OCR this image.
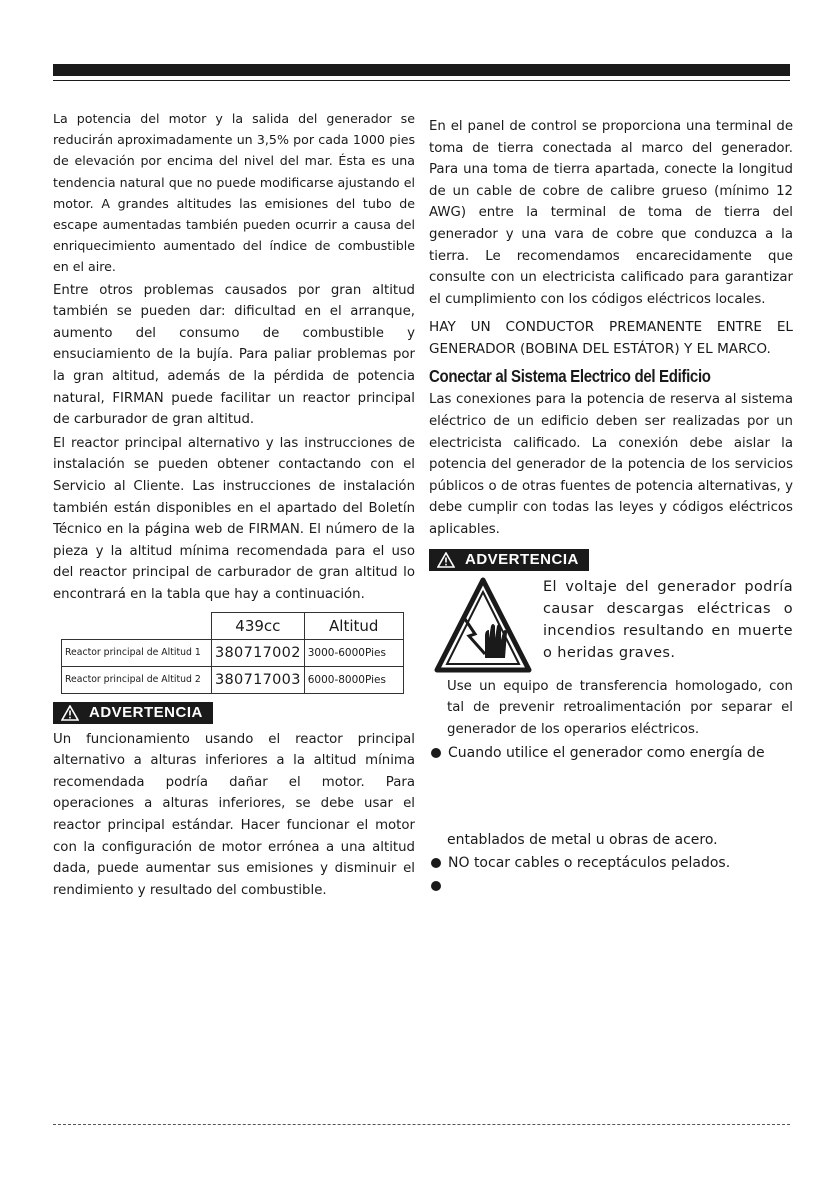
La potencia del motor y la salida del generador se reducirán aproximadamente un 3,5% por cada 1000 pies de elevación por encima del nivel del mar. Ésta es una tendencia natural que no puede modificarse ajustando el motor. A grandes altitudes las emisiones del tubo de escape aumentadas también pueden ocurrir a causa del enriquecimiento aumentado del índice de combustible en el aire.

Entre otros problemas causados por gran altitud también se pueden dar: dificultad en el arranque, aumento del consumo de combustible y ensuciamiento de la bujía. Para paliar problemas por la gran altitud, además de la pérdida de potencia natural, FIRMAN puede facilitar un reactor principal de carburador de gran altitud.

El reactor principal alternativo y las instrucciones de instalación se pueden obtener contactando con el Servicio al Cliente. Las instrucciones de instalación también están disponibles en el apartado del Boletín Técnico en la página web de FIRMAN. El número de la pieza y la altitud mínima recomendada para el uso del reactor principal de carburador de gran altitud lo encontrará en la tabla que hay a continuación.

	439cc	Altitud
Reactor principal de Altitud 1	380717002	3000-6000Pies
Reactor principal de Altitud 2	380717003	6000-8000Pies
ADVERTENCIA

Un funcionamiento usando el reactor principal alternativo a alturas inferiores a la altitud mínima recomendada podría dañar el motor. Para operaciones a alturas inferiores, se debe usar el reactor principal estándar. Hacer funcionar el motor con la configuración de motor errónea a una altitud dada, puede aumentar sus emisiones y disminuir el rendimiento y resultado del combustible.

En el panel de control se proporciona una terminal de toma de tierra conectada al marco del generador. Para una toma de tierra apartada, conecte la longitud de un cable de cobre de calibre grueso (mínimo 12 AWG) entre la terminal de toma de tierra del generador y una vara de cobre que conduzca a la tierra. Le recomendamos encarecidamente que consulte con un electricista calificado para garantizar el cumplimiento con los códigos eléctricos locales.

HAY UN CONDUCTOR PREMANENTE ENTRE EL GENERADOR (BOBINA DEL ESTÁTOR) Y EL MARCO.

Conectar al Sistema Electrico del Edificio

Las conexiones para la potencia de reserva al sistema eléctrico de un edificio deben ser realizadas por un electricista calificado. La conexión debe aislar la potencia del generador de la potencia de los servicios públicos o de otras fuentes de potencia alternativas, y debe cumplir con todas las leyes y códigos eléctricos aplicables.

ADVERTENCIA
El voltaje del generador podría causar descargas eléctricas o incendios resultando en muerte o heridas graves.

Use un equipo de transferencia homologado, con tal de prevenir retroalimentación por separar el generador de los operarios eléctricos.

Cuando utilice el generador como energía de
entablados de metal u obras de acero.
NO tocar cables o receptáculos pelados.
